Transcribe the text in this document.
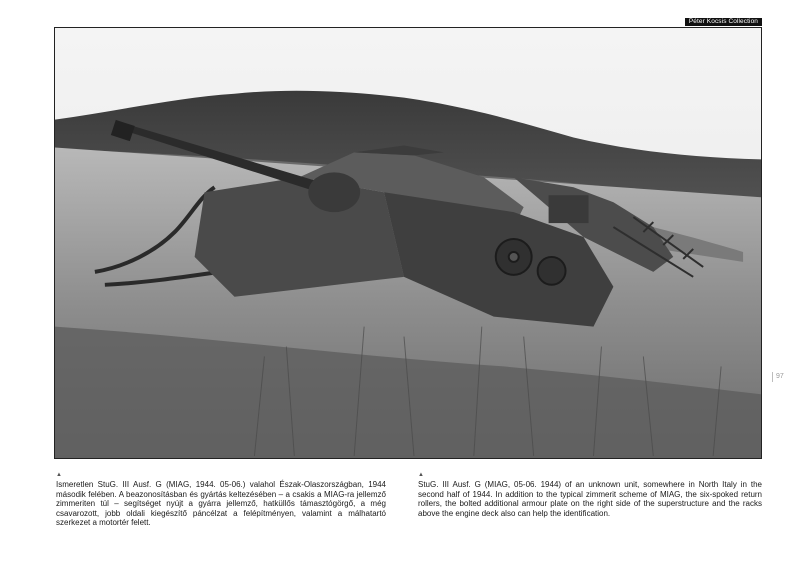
Péter Kocsis Collection
97
▲
Ismeretlen StuG. III Ausf. G (MIAG, 1944. 05-06.) valahol Észak-Olaszországban, 1944 második felében. A beazonosításban és gyártás keltezésében – a csakis a MIAG-ra jellemző zimmeriten túl – segítséget nyújt a gyárra jellemző, hatküllős támasztógörgő, a még csavarozott, jobb oldali kiegészítő páncélzat a felépítményen, valamint a málhatartó szerkezet a motortér felett.
▲
StuG. III Ausf. G (MIAG, 05-06. 1944) of an unknown unit, somewhere in North Italy in the second half of 1944. In addition to the typical zimmerit scheme of MIAG, the six-spoked return rollers, the bolted additional armour plate on the right side of the superstructure and the racks above the engine deck also can help the identification.
